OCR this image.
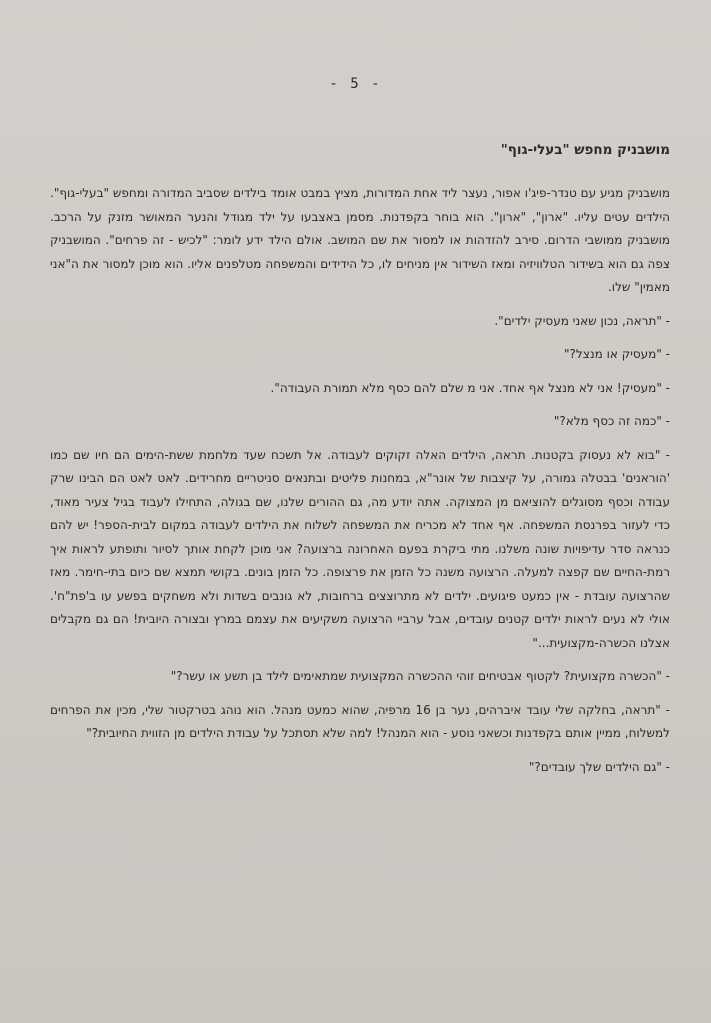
- 5 -
מושבניק מחפש "בעלי-גוף"

מושבניק מגיע עם טנדר-פיג'ו אפור, נעצר ליד אחת המדורות, מציץ במבט אומד בילדים שסביב המדורה ומחפש "בעלי-גוף". הילדים עטים עליו. "ארון", "ארון". הוא בוחר בקפדנות. מסמן באצבעו על ילד מגודל והנער המאושר מזנק על הרכב. מושבניק ממושבי הדרום. סירב להזדהות או למסור את שם המושב. אולם הילד ידע לומר: "לכיש - זה פרחים". המושבניק צפה גם הוא בשידור הטלוויזיה ומאז השידור אין מניחים לו, כל הידידים והמשפחה מטלפנים אליו. הוא מוכן למסור את ה"אני מאמין" שלו.

- "תראה, נכון שאני מעסיק ילדים".

- "מעסיק או מנצל?"

- "מעסיק! אני לא מנצל אף אחד. אני מ שלם להם כסף מלא תמורת העבודה".

- "כמה זה כסף מלא?"

- "בוא לא נעסוק בקטנות. תראה, הילדים האלה זקוקים לעבודה. אל תשכח שעד מלחמת ששת-הימים הם חיו שם כמו 'הוראנים' בבטלה גמורה, על קיצבות של אונר"א, במחנות פליטים ובתנאים סניטריים מחרידים. לאט לאט הם הבינו שרק עבודה וכסף מסוגלים להוציאם מן המצוקה. אתה יודע מה, גם ההורים שלנו, שם בגולה, התחילו לעבוד בגיל צעיר מאוד, כדי לעזור בפרנסת המשפחה. אף אחד לא מכריח את המשפחה לשלוח את הילדים לעבודה במקום לבית-הספר! יש להם כנראה סדר עדיפויות שונה משלנו. מתי ביקרת בפעם האחרונה ברצועה? אני מוכן לקחת אותך לסיור ותופתע לראות איך רמת-החיים שם קפצה למעלה. הרצועה משנה כל הזמן את פרצופה. כל הזמן בונים. בקושי תמצא שם כיום בתי-חימר. מאז שהרצועה עובדת - אין כמעט פיגועים. ילדים לא מתרוצצים ברחובות, לא גונבים בשדות ולא משחקים בפשע עו ב'פת"ח'. אולי לא נעים לראות ילדים קטנים עובדים, אבל ערביי הרצועה משקיעים את עצמם במרץ ובצורה היובית! הם גם מקבלים אצלנו הכשרה-מקצועית..."

- "הכשרה מקצועית? לקטוף אבטיחים זוהי ההכשרה המקצועית שמתאימים לילד בן תשע או עשר?"

- "תראה, בחלקה שלי עובד איברהים, נער בן 16 מרפיה, שהוא כמעט מנהל. הוא נוהג בטרקטור שלי, מכין את הפרחים למשלוח, ממיין אותם בקפדנות וכשאני נוסע - הוא המנהל! למה שלא תסתכל על עבודת הילדים מן הזווית החיובית?"

- "גם הילדים שלך עובדים?"
